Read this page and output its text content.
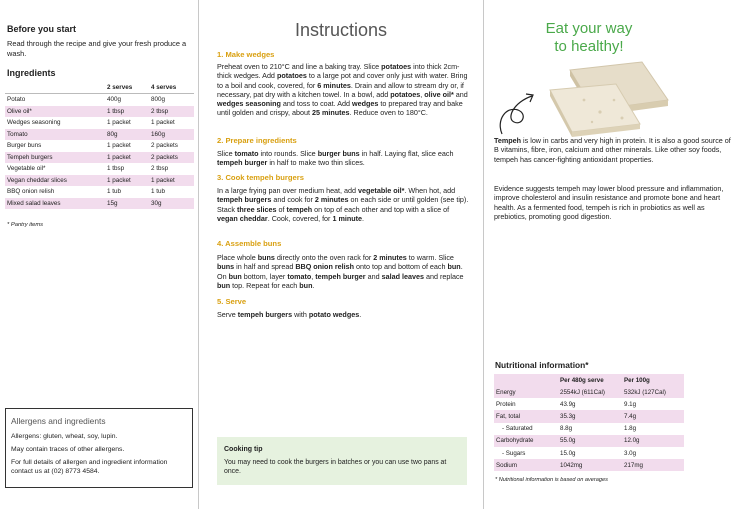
Before you start
Read through the recipe and give your fresh produce a wash.
Ingredients
	2 serves	4 serves
Potato	400g	800g
Olive oil*	1 tbsp	2 tbsp
Wedges seasoning	1 packet	1 packet
Tomato	80g	160g
Burger buns	1 packet	2 packets
Tempeh burgers	1 packet	2 packets
Vegetable oil*	1 tbsp	2 tbsp
Vegan cheddar slices	1 packet	1 packet
BBQ onion relish	1 tub	1 tub
Mixed salad leaves	15g	30g
* Pantry items
Allergens and ingredients
Allergens: gluten, wheat, soy, lupin.
May contain traces of other allergens.
For full details of allergen and ingredient information contact us at (02) 8773 4584.
Instructions
1. Make wedges
Preheat oven to 210°C and line a baking tray. Slice potatoes into thick 2cm-thick wedges. Add potatoes to a large pot and cover only just with water. Bring to a boil and cook, covered, for 6 minutes. Drain and allow to stream dry or, if necessary, pat dry with a kitchen towel. In a bowl, add potatoes, olive oil* and wedges seasoning and toss to coat. Add wedges to prepared tray and bake until golden and crispy, about 25 minutes. Reduce oven to 180°C.
2. Prepare ingredients
Slice tomato into rounds. Slice burger buns in half. Laying flat, slice each tempeh burger in half to make two thin slices.
3. Cook tempeh burgers
In a large frying pan over medium heat, add vegetable oil*. When hot, add tempeh burgers and cook for 2 minutes on each side or until golden (see tip). Stack three slices of tempeh on top of each other and top with a slice of vegan cheddar. Cook, covered, for 1 minute.
4. Assemble buns
Place whole buns directly onto the oven rack for 2 minutes to warm. Slice buns in half and spread BBQ onion relish onto top and bottom of each bun. On bun bottom, layer tomato, tempeh burger and salad leaves and replace bun top. Repeat for each bun.
5. Serve
Serve tempeh burgers with potato wedges.
Cooking tip
You may need to cook the burgers in batches or you can use two pans at once.
Eat your way
to healthy!
Tempeh is low in carbs and very high in protein. It is also a good source of B vitamins, fibre, iron, calcium and other minerals. Like other soy foods, tempeh has cancer-fighting antioxidant properties.
Evidence suggests tempeh may lower blood pressure and inflammation, improve cholesterol and insulin resistance and promote bone and heart health. As a fermented food, tempeh is rich in probiotics as well as prebiotics, promoting good digestion.
Nutritional information*
	Per 480g serve	Per 100g
Energy	2554kJ (611Cal)	532kJ (127Cal)
Protein	43.9g	9.1g
Fat, total	35.3g	7.4g
- Saturated	8.8g	1.8g
Carbohydrate	55.0g	12.0g
- Sugars	15.0g	3.0g
Sodium	1042mg	217mg
* Nutritional information is based on averages
